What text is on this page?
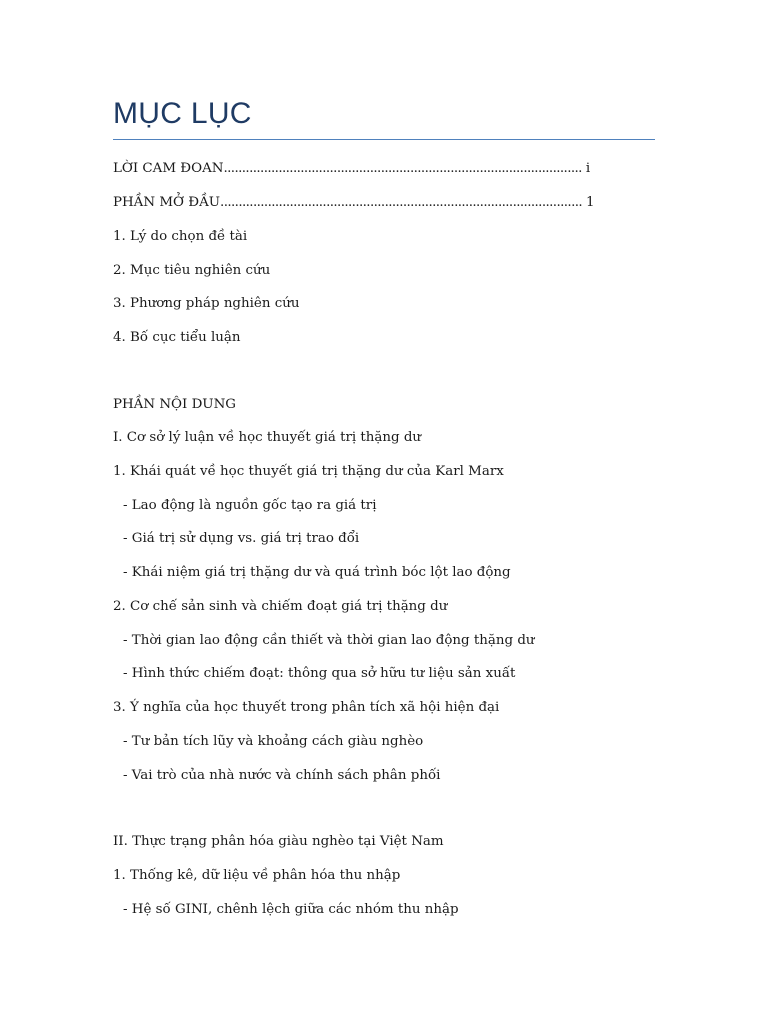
MỤC LỤC
LỜI CAM ĐOAN.................................................................................................. i
PHẦN MỞ ĐẦU................................................................................................... 1
1. Lý do chọn đề tài
2. Mục tiêu nghiên cứu
3. Phương pháp nghiên cứu
4. Bố cục tiểu luận
PHẦN NỘI DUNG
I. Cơ sở lý luận về học thuyết giá trị thặng dư
1. Khái quát về học thuyết giá trị thặng dư của Karl Marx
- Lao động là nguồn gốc tạo ra giá trị
- Giá trị sử dụng vs. giá trị trao đổi
- Khái niệm giá trị thặng dư và quá trình bóc lột lao động
2. Cơ chế sản sinh và chiếm đoạt giá trị thặng dư
- Thời gian lao động cần thiết và thời gian lao động thặng dư
- Hình thức chiếm đoạt: thông qua sở hữu tư liệu sản xuất
3. Ý nghĩa của học thuyết trong phân tích xã hội hiện đại
- Tư bản tích lũy và khoảng cách giàu nghèo
- Vai trò của nhà nước và chính sách phân phối
II. Thực trạng phân hóa giàu nghèo tại Việt Nam
1. Thống kê, dữ liệu về phân hóa thu nhập
- Hệ số GINI, chênh lệch giữa các nhóm thu nhập
